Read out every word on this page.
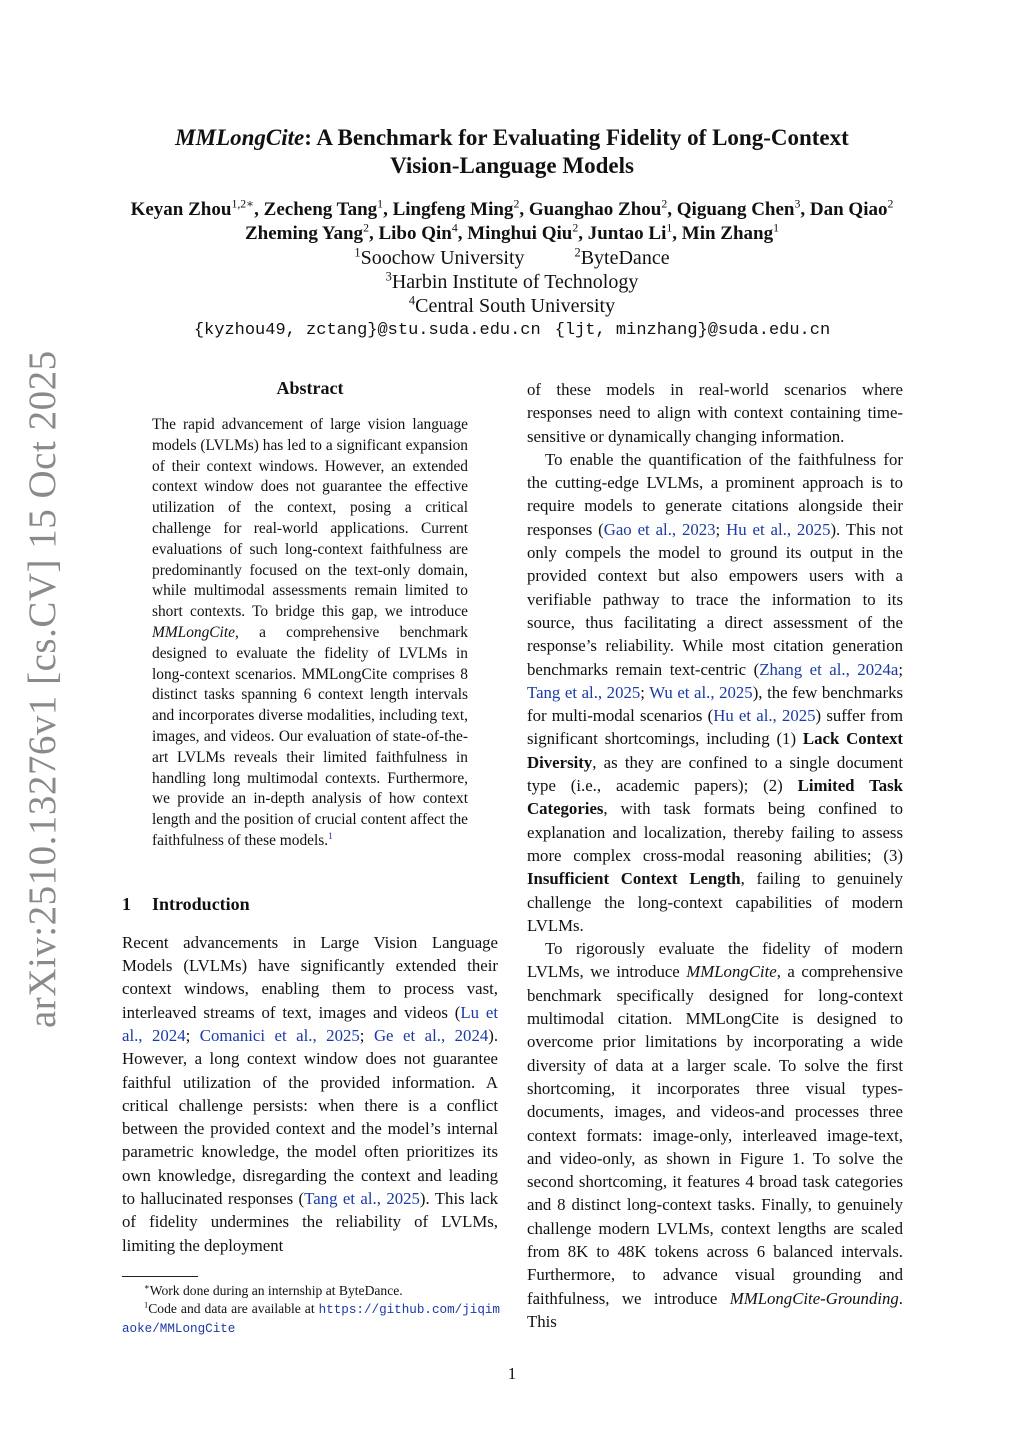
arXiv:2510.13276v1 [cs.CV] 15 Oct 2025
MMLongCite: A Benchmark for Evaluating Fidelity of Long-Context
Vision-Language Models
Keyan Zhou$^{1,2∗}$, Zecheng Tang$^1$, Lingfeng Ming$^2$, Guanghao Zhou$^2$, Qiguang Chen$^3$, Dan Qiao$^2$
Zheming Yang$^2$, Libo Qin$^4$, Minghui Qiu$^2$, Juntao Li$^1$, Min Zhang$^1$
$^1$Soochow University	$^2$ByteDance
$^3$Harbin Institute of Technology
$^4$Central South University
{kyzhou49, zctang}@stu.suda.edu.cn {ljt, minzhang}@suda.edu.cn
Abstract

The rapid advancement of large vision language models (LVLMs) has led to a significant expansion of their context windows. However, an extended context window does not guarantee the effective utilization of the context, posing a critical challenge for real-world applications. Current evaluations of such long-context faithfulness are predominantly focused on the text-only domain, while multimodal assessments remain limited to short contexts. To bridge this gap, we introduce MMLongCite, a comprehensive benchmark designed to evaluate the fidelity of LVLMs in long-context scenarios. MMLongCite comprises 8 distinct tasks spanning 6 context length intervals and incorporates diverse modalities, including text, images, and videos. Our evaluation of state-of-the-art LVLMs reveals their limited faithfulness in handling long multimodal contexts. Furthermore, we provide an in-depth analysis of how context length and the position of crucial content affect the faithfulness of these models.$^1$

1 Introduction

Recent advancements in Large Vision Language Models (LVLMs) have significantly extended their context windows, enabling them to process vast, interleaved streams of text, images and videos (Lu et al., 2024; Comanici et al., 2025; Ge et al., 2024). However, a long context window does not guarantee faithful utilization of the provided information. A critical challenge persists: when there is a conflict between the provided context and the model’s internal parametric knowledge, the model often prioritizes its own knowledge, disregarding the context and leading to hallucinated responses (Tang et al., 2025). This lack of fidelity undermines the reliability of LVLMs, limiting the deployment

of these models in real-world scenarios where responses need to align with context containing time-sensitive or dynamically changing information.

To enable the quantification of the faithfulness for the cutting-edge LVLMs, a prominent approach is to require models to generate citations alongside their responses (Gao et al., 2023; Hu et al., 2025). This not only compels the model to ground its output in the provided context but also empowers users with a verifiable pathway to trace the information to its source, thus facilitating a direct assessment of the response’s reliability. While most citation generation benchmarks remain text-centric (Zhang et al., 2024a; Tang et al., 2025; Wu et al., 2025), the few benchmarks for multi-modal scenarios (Hu et al., 2025) suffer from significant shortcomings, including (1) Lack Context Diversity, as they are confined to a single document type (i.e., academic papers); (2) Limited Task Categories, with task formats being confined to explanation and localization, thereby failing to assess more complex cross-modal reasoning abilities; (3) Insufficient Context Length, failing to genuinely challenge the long-context capabilities of modern LVLMs.

To rigorously evaluate the fidelity of modern LVLMs, we introduce MMLongCite, a comprehensive benchmark specifically designed for long-context multimodal citation. MMLongCite is designed to overcome prior limitations by incorporating a wide diversity of data at a larger scale. To solve the first shortcoming, it incorporates three visual types-documents, images, and videos-and processes three context formats: image-only, interleaved image-text, and video-only, as shown in Figure 1. To solve the second shortcoming, it features 4 broad task categories and 8 distinct long-context tasks. Finally, to genuinely challenge modern LVLMs, context lengths are scaled from 8K to 48K tokens across 6 balanced intervals. Furthermore, to advance visual grounding and faithfulness, we introduce MMLongCite-Grounding. This

∗Work done during an internship at ByteDance.
$^1$Code and data are available at https://github.com/jiqimaoke/MMLongCite
1
